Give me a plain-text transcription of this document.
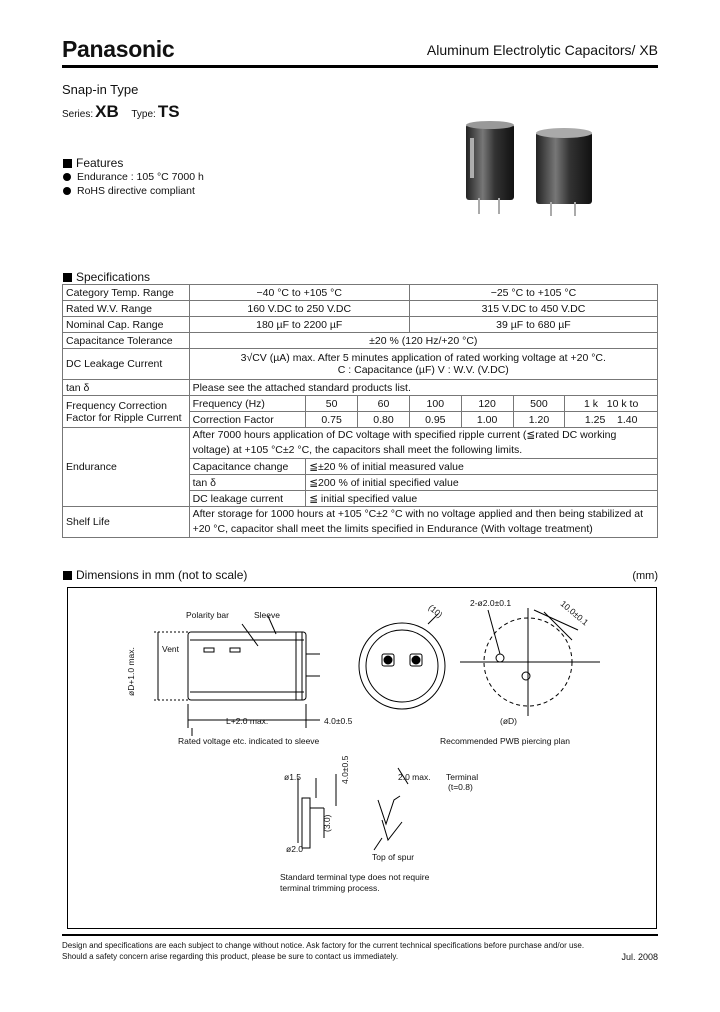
Panasonic	Aluminum Electrolytic Capacitors/ XB
Snap-in Type
Series: XB Type: TS
Features
Endurance : 105 °C 7000 h
RoHS directive compliant
Specifications
Category Temp. Range	−40 °C to +105 °C			−25 °C to +105 °C			
Rated W.V. Range	160 V.DC to 250 V.DC			315 V.DC to 450 V.DC			
Nominal Cap. Range	180 µF to 2200 µF			39 µF to 680 µF			
Capacitance Tolerance	±20 % (120 Hz/+20 °C)						
DC Leakage Current	3√CV (µA) max. After 5 minutes application of rated working voltage at +20 °C.
C : Capacitance (µF) V : W.V. (V.DC)						

tan δ	Please see the attached standard products list.						

Frequency Correction
Factor for Ripple Current	Frequency (Hz)	50	60	100	120	500	1 k 10 k to
	Correction Factor	0.75	0.80	0.95	1.00	1.20	1.25 1.40
Endurance	After 7000 hours application of DC voltage with specified ripple current (≦rated DC working voltage) at +105 °C±2 °C, the capacitors shall meet the following limits.						
	Capacitance change	≦±20 % of initial measured value					
	tan δ	≦200 % of initial specified value					
	DC leakage current	≦ initial specified value					
Shelf Life	After storage for 1000 hours at +105 °C±2 °C with no voltage applied and then being stabilized at +20 °C, capacitor shall meet the limits specified in Endurance (With voltage treatment)						
Dimensions in mm (not to scale)	(mm)
Polarity bar	Sleeve
Vent
øD+1.0 max.
L+2.0 max.	4.0±0.5
Rated voltage etc. indicated to sleeve
(10)	2-ø2.0±0.1	10.0±0.1
(øD)
Recommended PWB piercing plan
2.0 max.
4.0±0.5
(3.0)
ø1.5
ø2.0
Terminal
(t=0.8)
Top of spur
Standard terminal type does not require
terminal trimming process.
Design and specifications are each subject to change without notice. Ask factory for the current technical specifications before purchase and/or use.
Should a safety concern arise regarding this product, please be sure to contact us immediately.	Jul. 2008
